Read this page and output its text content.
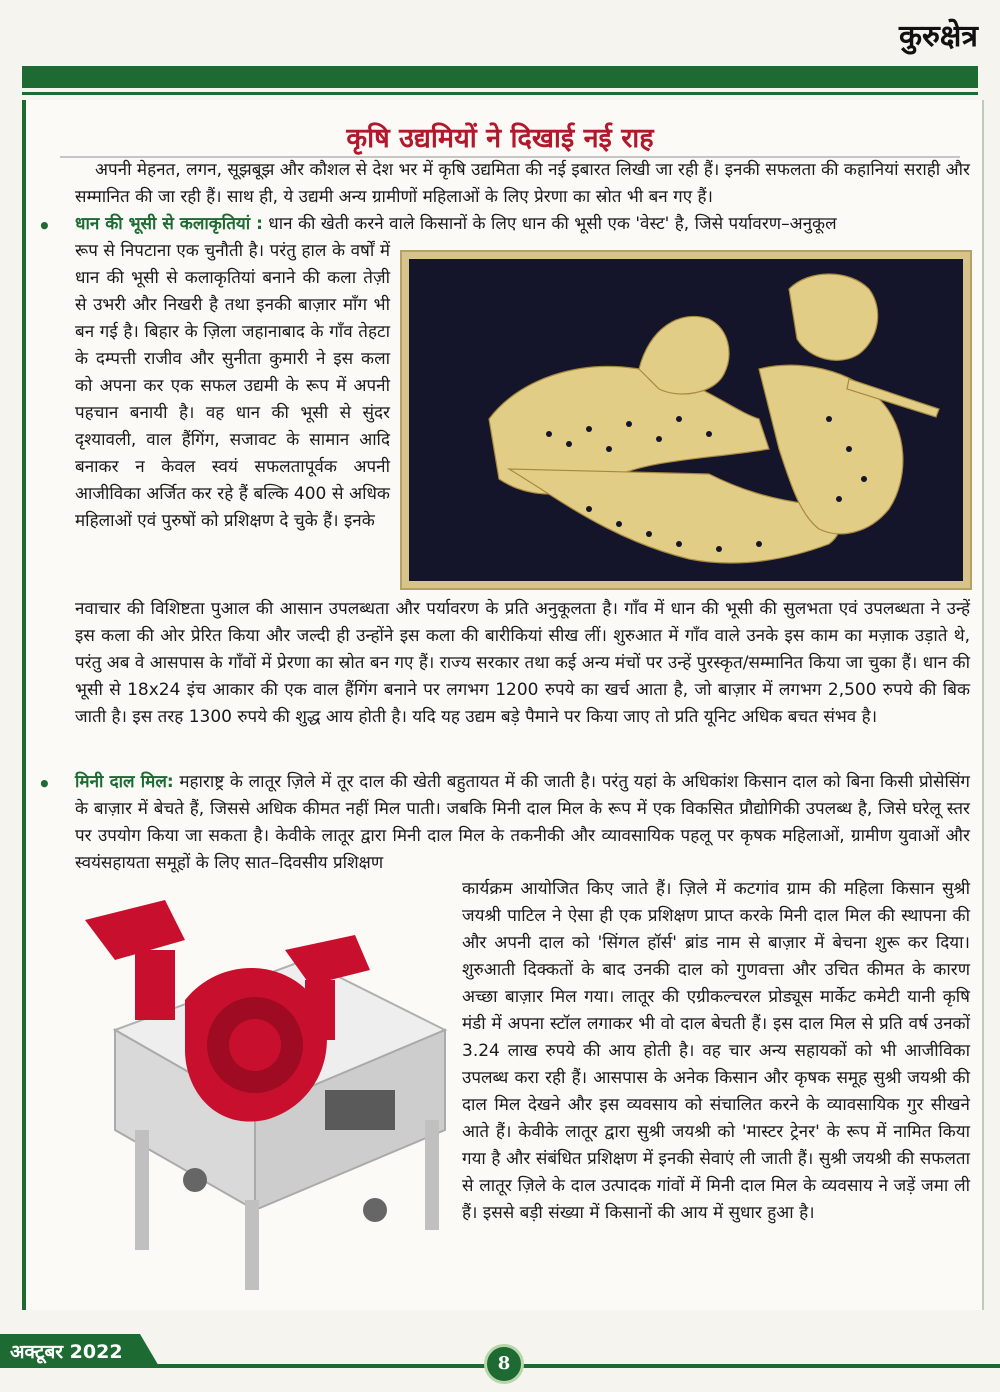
कुरुक्षेत्र
कृषि उद्यमियों ने दिखाई नई राह

अपनी मेहनत, लगन, सूझबूझ और कौशल से देश भर में कृषि उद्यमिता की नई इबारत लिखी जा रही हैं। इनकी सफलता की कहानियां सराही और सम्मानित की जा रही हैं। साथ ही, ये उद्यमी अन्य ग्रामीणों महिलाओं के लिए प्रेरणा का स्रोत भी बन गए हैं।

• धान की भूसी से कलाकृतियां : धान की खेती करने वाले किसानों के लिए धान की भूसी एक 'वेस्ट' है, जिसे पर्यावरण–अनुकूल

रूप से निपटाना एक चुनौती है। परंतु हाल के वर्षों में धान की भूसी से कलाकृतियां बनाने की कला तेज़ी से उभरी और निखरी है तथा इनकी बाज़ार माँग भी बन गई है। बिहार के ज़िला जहानाबाद के गाँव तेहटा के दम्पत्ती राजीव और सुनीता कुमारी ने इस कला को अपना कर एक सफल उद्यमी के रूप में अपनी पहचान बनायी है। वह धान की भूसी से सुंदर दृश्यावली, वाल हैंगिंग, सजावट के सामान आदि बनाकर न केवल स्वयं सफलतापूर्वक अपनी आजीविका अर्जित कर रहे हैं बल्कि 400 से अधिक महिलाओं एवं पुरुषों को प्रशिक्षण दे चुके हैं। इनके

नवाचार की विशिष्टता पुआल की आसान उपलब्धता और पर्यावरण के प्रति अनुकूलता है। गाँव में धान की भूसी की सुलभता एवं उपलब्धता ने उन्हें इस कला की ओर प्रेरित किया और जल्दी ही उन्होंने इस कला की बारीकियां सीख लीं। शुरुआत में गाँव वाले उनके इस काम का मज़ाक उड़ाते थे, परंतु अब वे आसपास के गाँवों में प्रेरणा का स्रोत बन गए हैं। राज्य सरकार तथा कई अन्य मंचों पर उन्हें पुरस्कृत/सम्मानित किया जा चुका हैं। धान की भूसी से 18x24 इंच आकार की एक वाल हैंगिंग बनाने पर लगभग 1200 रुपये का खर्च आता है, जो बाज़ार में लगभग 2,500 रुपये की बिक जाती है। इस तरह 1300 रुपये की शुद्ध आय होती है। यदि यह उद्यम बड़े पैमाने पर किया जाए तो प्रति यूनिट अधिक बचत संभव है।

• मिनी दाल मिल: महाराष्ट्र के लातूर ज़िले में तूर दाल की खेती बहुतायत में की जाती है। परंतु यहां के अधिकांश किसान दाल को बिना किसी प्रोसेसिंग के बाज़ार में बेचते हैं, जिससे अधिक कीमत नहीं मिल पाती। जबकि मिनी दाल मिल के रूप में एक विकसित प्रौद्योगिकी उपलब्ध है, जिसे घरेलू स्तर पर उपयोग किया जा सकता है। केवीके लातूर द्वारा मिनी दाल मिल के तकनीकी और व्यावसायिक पहलू पर कृषक महिलाओं, ग्रामीण युवाओं और स्वयंसहायता समूहों के लिए सात–दिवसीय प्रशिक्षण

कार्यक्रम आयोजित किए जाते हैं। ज़िले में कटगांव ग्राम की महिला किसान सुश्री जयश्री पाटिल ने ऐसा ही एक प्रशिक्षण प्राप्त करके मिनी दाल मिल की स्थापना की और अपनी दाल को 'सिंगल हॉर्स' ब्रांड नाम से बाज़ार में बेचना शुरू कर दिया। शुरुआती दिक्कतों के बाद उनकी दाल को गुणवत्ता और उचित कीमत के कारण अच्छा बाज़ार मिल गया। लातूर की एग्रीकल्चरल प्रोड्यूस मार्केट कमेटी यानी कृषि मंडी में अपना स्टॉल लगाकर भी वो दाल बेचती हैं। इस दाल मिल से प्रति वर्ष उनकों 3.24 लाख रुपये की आय होती है। वह चार अन्य सहायकों को भी आजीविका उपलब्ध करा रही हैं। आसपास के अनेक किसान और कृषक समूह सुश्री जयश्री की दाल मिल देखने और इस व्यवसाय को संचालित करने के व्यावसायिक गुर सीखने आते हैं। केवीके लातूर द्वारा सुश्री जयश्री को 'मास्टर ट्रेनर' के रूप में नामित किया गया है और संबंधित प्रशिक्षण में इनकी सेवाएं ली जाती हैं। सुश्री जयश्री की सफलता से लातूर ज़िले के दाल उत्पादक गांवों में मिनी दाल मिल के व्यवसाय ने जड़ें जमा ली हैं। इससे बड़ी संख्या में किसानों की आय में सुधार हुआ है।

अक्टूबर 2022
8
